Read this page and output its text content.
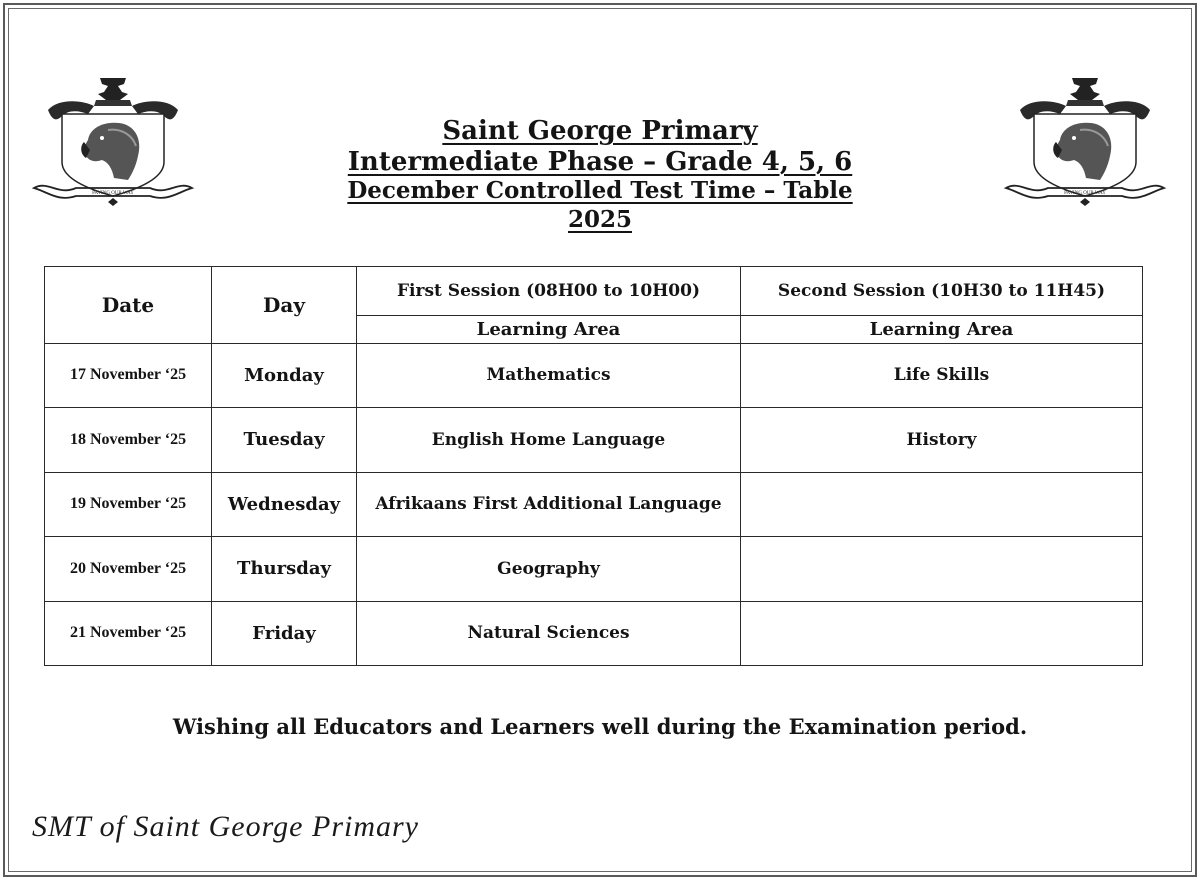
PAVING OUR WAY	PAVING OUR WAY
Saint George Primary
Intermediate Phase – Grade 4, 5, 6
December Controlled Test Time – Table
2025
Date	Day	First Session (08H00 to 10H00)	Second Session (10H30 to 11H45)
		Learning Area	Learning Area
17 November ‘25	Monday	Mathematics	Life Skills
18 November ‘25	Tuesday	English Home Language	History
19 November ‘25	Wednesday	Afrikaans First Additional Language	
20 November ‘25	Thursday	Geography	
21 November ‘25	Friday	Natural Sciences	
Wishing all Educators and Learners well during the Examination period.
SMT of Saint George Primary
